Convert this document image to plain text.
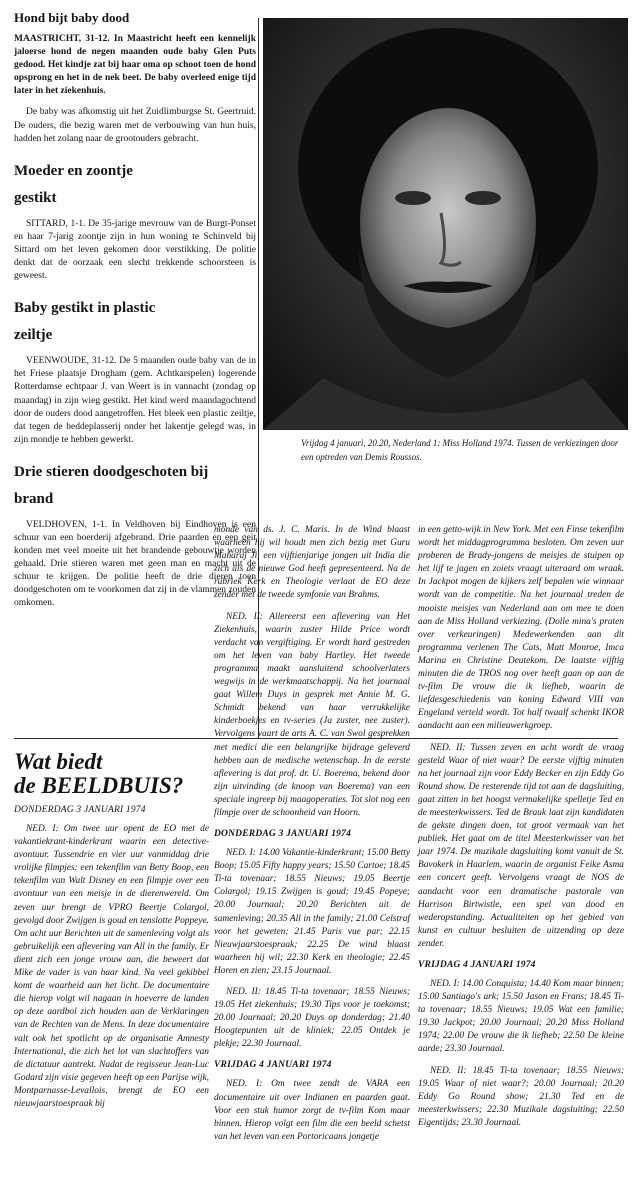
Hond bijt baby dood

MAASTRICHT, 31-12. In Maastricht heeft een kennelijk jaloerse hond de negen maanden oude baby Glen Puts gedood. Het kindje zat bij haar oma op schoot toen de hond opsprong en het in de nek beet. De baby overleed enige tijd later in het ziekenhuis.

De baby was afkomstig uit het Zuidlimburgse St. Geertruid. De ouders, die bezig waren met de verbouwing van hun huis, hadden het zolang naar de grootouders gebracht.

Moeder en zoontje gestikt

SITTARD, 1-1. De 35-jarige mevrouw van de Burgt-Ponset en haar 7-jarig zoontje zijn in hun woning te Schinveld bij Sittard om het leven gekomen door verstikking. De politie denkt dat de oorzaak een slecht trekkende schoorsteen is geweest.

Baby gestikt in plastic zeiltje

VEENWOUDE, 31-12. De 5 maanden oude baby van de in het Friese plaatsje Drogham (gem. Achtkarspelen) logerende Rotterdamse echtpaar J. van Weert is in vannacht (zondag op maandag) in zijn wieg gestikt. Het kind werd maandagochtend door de ouders dood aangetroffen. Het bleek een plastic zeiltje, dat tegen de beddeplasserij onder het lakentje gelegd was, in zijn mondje te hebben gewerkt.

Drie stieren doodgeschoten bij brand

VELDHOVEN, 1-1. In Veldhoven bij Eindhoven is een schuur van een boerderij afgebrand. Drie paarden en een geit konden met veel moeite uit het brandende gebouwtje worden gehaald. Drie stieren waren met geen man en macht uit de schuur te krijgen. De politie heeft de drie dieren toen doodgeschoten om te voorkomen dat zij in de vlammen zouden omkomen.

Vrijdag 4 januari, 20.20, Nederland 1: Miss Holland 1974. Tussen de verkiezingen door een optreden van Demis Roussos.

Wat biedt
de BEELDBUIS?

DONDERDAG 3 JANUARI 1974

NED. I: Om twee uur opent de EO met de vakantiekrant-kinderkrant waarin een detective-avontuur. Tussendrie en vier uur vanmiddag drie vrolijke filmpjes: een tekenfilm van Betty Boop, een tekenfilm van Walt Disney en een filmpje over een avontuur van een meisje in de dierenwereld. Om zeven uur brengt de VPRO Beertje Colargol, gevolgd door Zwijgen is goud en tenslotte Poppeye. Om acht uur Berichten uit de samenleving volgt als gebruikelijk een aflevering van All in the family. Er dient zich een jonge vrouw aan, die beweert dat Mike de vader is van haar kind. Na veel gekibbel komt de waarheid aan het licht. De documentaire die hierop volgt wil nagaan in hoeverre de landen op deze aardbol zich houden aan de Verklaringen van de Rechten van de Mens. In deze documentaire valt ook het spotlicht op de organisatie Amnesty International, die zich het lot van slachtoffers van de dictatuur aantrekt. Nadat de regisseur Jean-Luc Godard zijn visie gegeven heeft op een Parijse wijk, Montparnasse-Levallois, brengt de EO een nieuwjaarstoespraak bij

monde van ds. J. C. Maris. In de Wind blaast waarheen hij wil houdt men zich bezig met Guru Maharaj Ji, een vijftienjarige jongen uit India die zich als de nieuwe God heeft gepresenteerd. Na de rubriek Kerk en Theologie verlaat de EO deze zender met de tweede symfonie van Brahms.

NED. II: Allereerst een aflevering van Het Ziekenhuis, waarin zuster Hilde Price wordt verdacht van vergiftiging. Er wordt hard gestreden om het leven van baby Hartley. Het tweede programma maakt aansluitend schoolverlaters wegwijs in de werkmaatschappij. Na het journaal gaat Willem Duys in gesprek met Annie M. G. Schmidt bekend van haar verrukkelijke kinderboekjes en tv-series (Ja zuster, nee zuster). Vervolgens vaart de arts A. C. van Swol gesprekken met medici die een belangrijke bijdrage geleverd hebben aan de medische wetenschap. In de eerste aflevering is dat prof. dr. U. Boerema, bekend door zijn uitvinding (de knoop van Boerema) van een speciale ingreep bij maagoperaties. Tot slot nog een filmpje over de schoonheid van Hoorn.

DONDERDAG 3 JANUARI 1974

NED. I: 14.00 Vakantie-kinderkrant; 15.00 Betty Boop; 15.05 Fifty happy years; 15.50 Cartoe; 18.45 Ti-ta tovenaar; 18.55 Nieuws; 19.05 Beertje Colargol; 19.15 Zwijgen is goud; 19.45 Popeye; 20.00 Journaal; 20.20 Berichten uit de samenleving; 20.35 All in the family; 21.00 Celstraf voor het geweten; 21.45 Paris vue par; 22.15 Nieuwjaarstoespraak; 22.25 De wind blaast waarheen hij wil; 22.30 Kerk en theologie; 22.45 Horen en zien; 23.15 Journaal.

NED. II: 18.45 Ti-ta tovenaar; 18.55 Nieuws; 19.05 Het ziekenhuis; 19.30 Tips voor je toekomst; 20.00 Journaal; 20.20 Duys op donderdag; 21.40 Hoogtepunten uit de kliniek; 22.05 Ontdek je plekje; 22.30 Journaal.

VRIJDAG 4 JANUARI 1974

NED. I: Om twee zendt de VARA een documentaire uit over Indianen en paarden gaat. Voor een stuk humor zorgt de tv-film Kom maar binnen. Hierop volgt een film die een beeld schetst van het leven van een Portoricaans jongetje

in een getto-wijk in New York. Met een Finse tekenfilm wordt het middagprogramma besloten. Om zeven uur proberen de Brady-jongens de meisjes de stuipen op het lijf te jagen en zoiets vraagt uiteraard om wraak. In Jackpot mogen de kijkers zelf bepalen wie winnaar wordt van de competitie. Na het journaal treden de mooiste meisjes van Nederland aan om mee te doen aan de Miss Holland verkiezing. (Dolle mina's praten over verkeuringen) Medewerkenden aan dit programma verlenen The Cats, Matt Monroe, Imca Marina en Christine Deutekom. De laatste vijftig minuten die de TROS nog over heeft gaan op aan de tv-film De vrouw die ik liefheb, waarin de liefdesgeschiedenis van koning Edward VIII van Engeland verteld wordt. Tot half twaalf schenkt IKOR aandacht aan een milieuwerkgroep.

NED. II: Tussen zeven en acht wordt de vraag gesteld Waar of niet waar? De eerste vijftig minuten na het journaal zijn voor Eddy Becker en zijn Eddy Go Round show. De resterende tijd tot aan de dagsluiting, gaat zitten in het hoogst vermakelijke spelletje Ted en de meesterkwissers. Ted de Brauk laat zijn kandidaten de gekste dingen doen, tot groot vermaak van het publiek. Het gaat om de titel Meesterkwisser van het jaar 1974. De muzikale dagsluiting komt vanuit de St. Bavokerk in Haarlem, waarin de organist Feike Asma een concert geeft. Vervolgens vraagt de NOS de aandacht voor een dramatische pastorale van Harrison Birtwistle, een spel van dood en wederopstanding. Actualiteiten op het gebied van kunst en cultuur besluiten de uitzending op deze zender.

VRIJDAG 4 JANUARI 1974

NED. I: 14.00 Conquista; 14.40 Kom maar binnen; 15.00 Santiago's ark; 15.50 Jason en Frans; 18.45 Ti-ta tovenaar; 18.55 Nieuws; 19.05 Wat een familie; 19.30 Jackpot; 20.00 Journaal; 20.20 Miss Holland 1974; 22.00 De vrouw die ik liefheb; 22.50 De kleine aarde; 23.30 Journaal.

NED. II: 18.45 Ti-ta tovenaar; 18.55 Nieuws; 19.05 Waar of niet waar?; 20.00 Journaal; 20.20 Eddy Go Round show; 21.30 Ted en de meesterkwissers; 22.30 Muzikale dagsluiting; 22.50 Eigentijds; 23.30 Journaal.
